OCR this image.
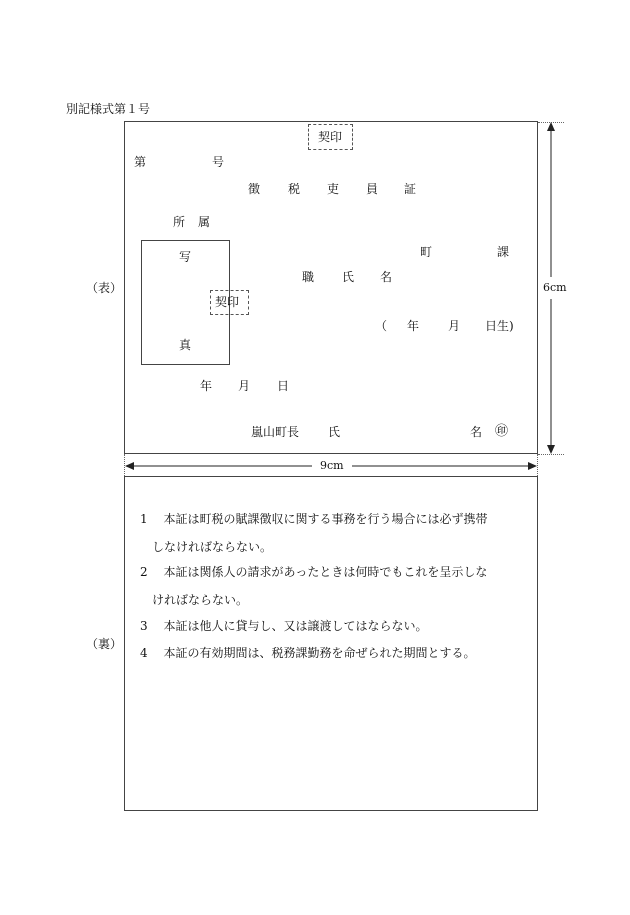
別記様式第１号
（表）
契印
第	号
徴 税 吏 員 証
所 属
写
真
契印
町	課
職 氏 名
（ 年 月 日生)
年 月 日
嵐山町長 氏	名 ㊞
6cm
9cm
（裏）
1　 本証は町税の賦課徴収に関する事務を行う場合には必ず携帯
しなければならない。
2　 本証は関係人の請求があったときは何時でもこれを呈示しな
ければならない。
3　 本証は他人に貸与し、又は譲渡してはならない。
4　 本証の有効期間は、税務課勤務を命ぜられた期間とする。
